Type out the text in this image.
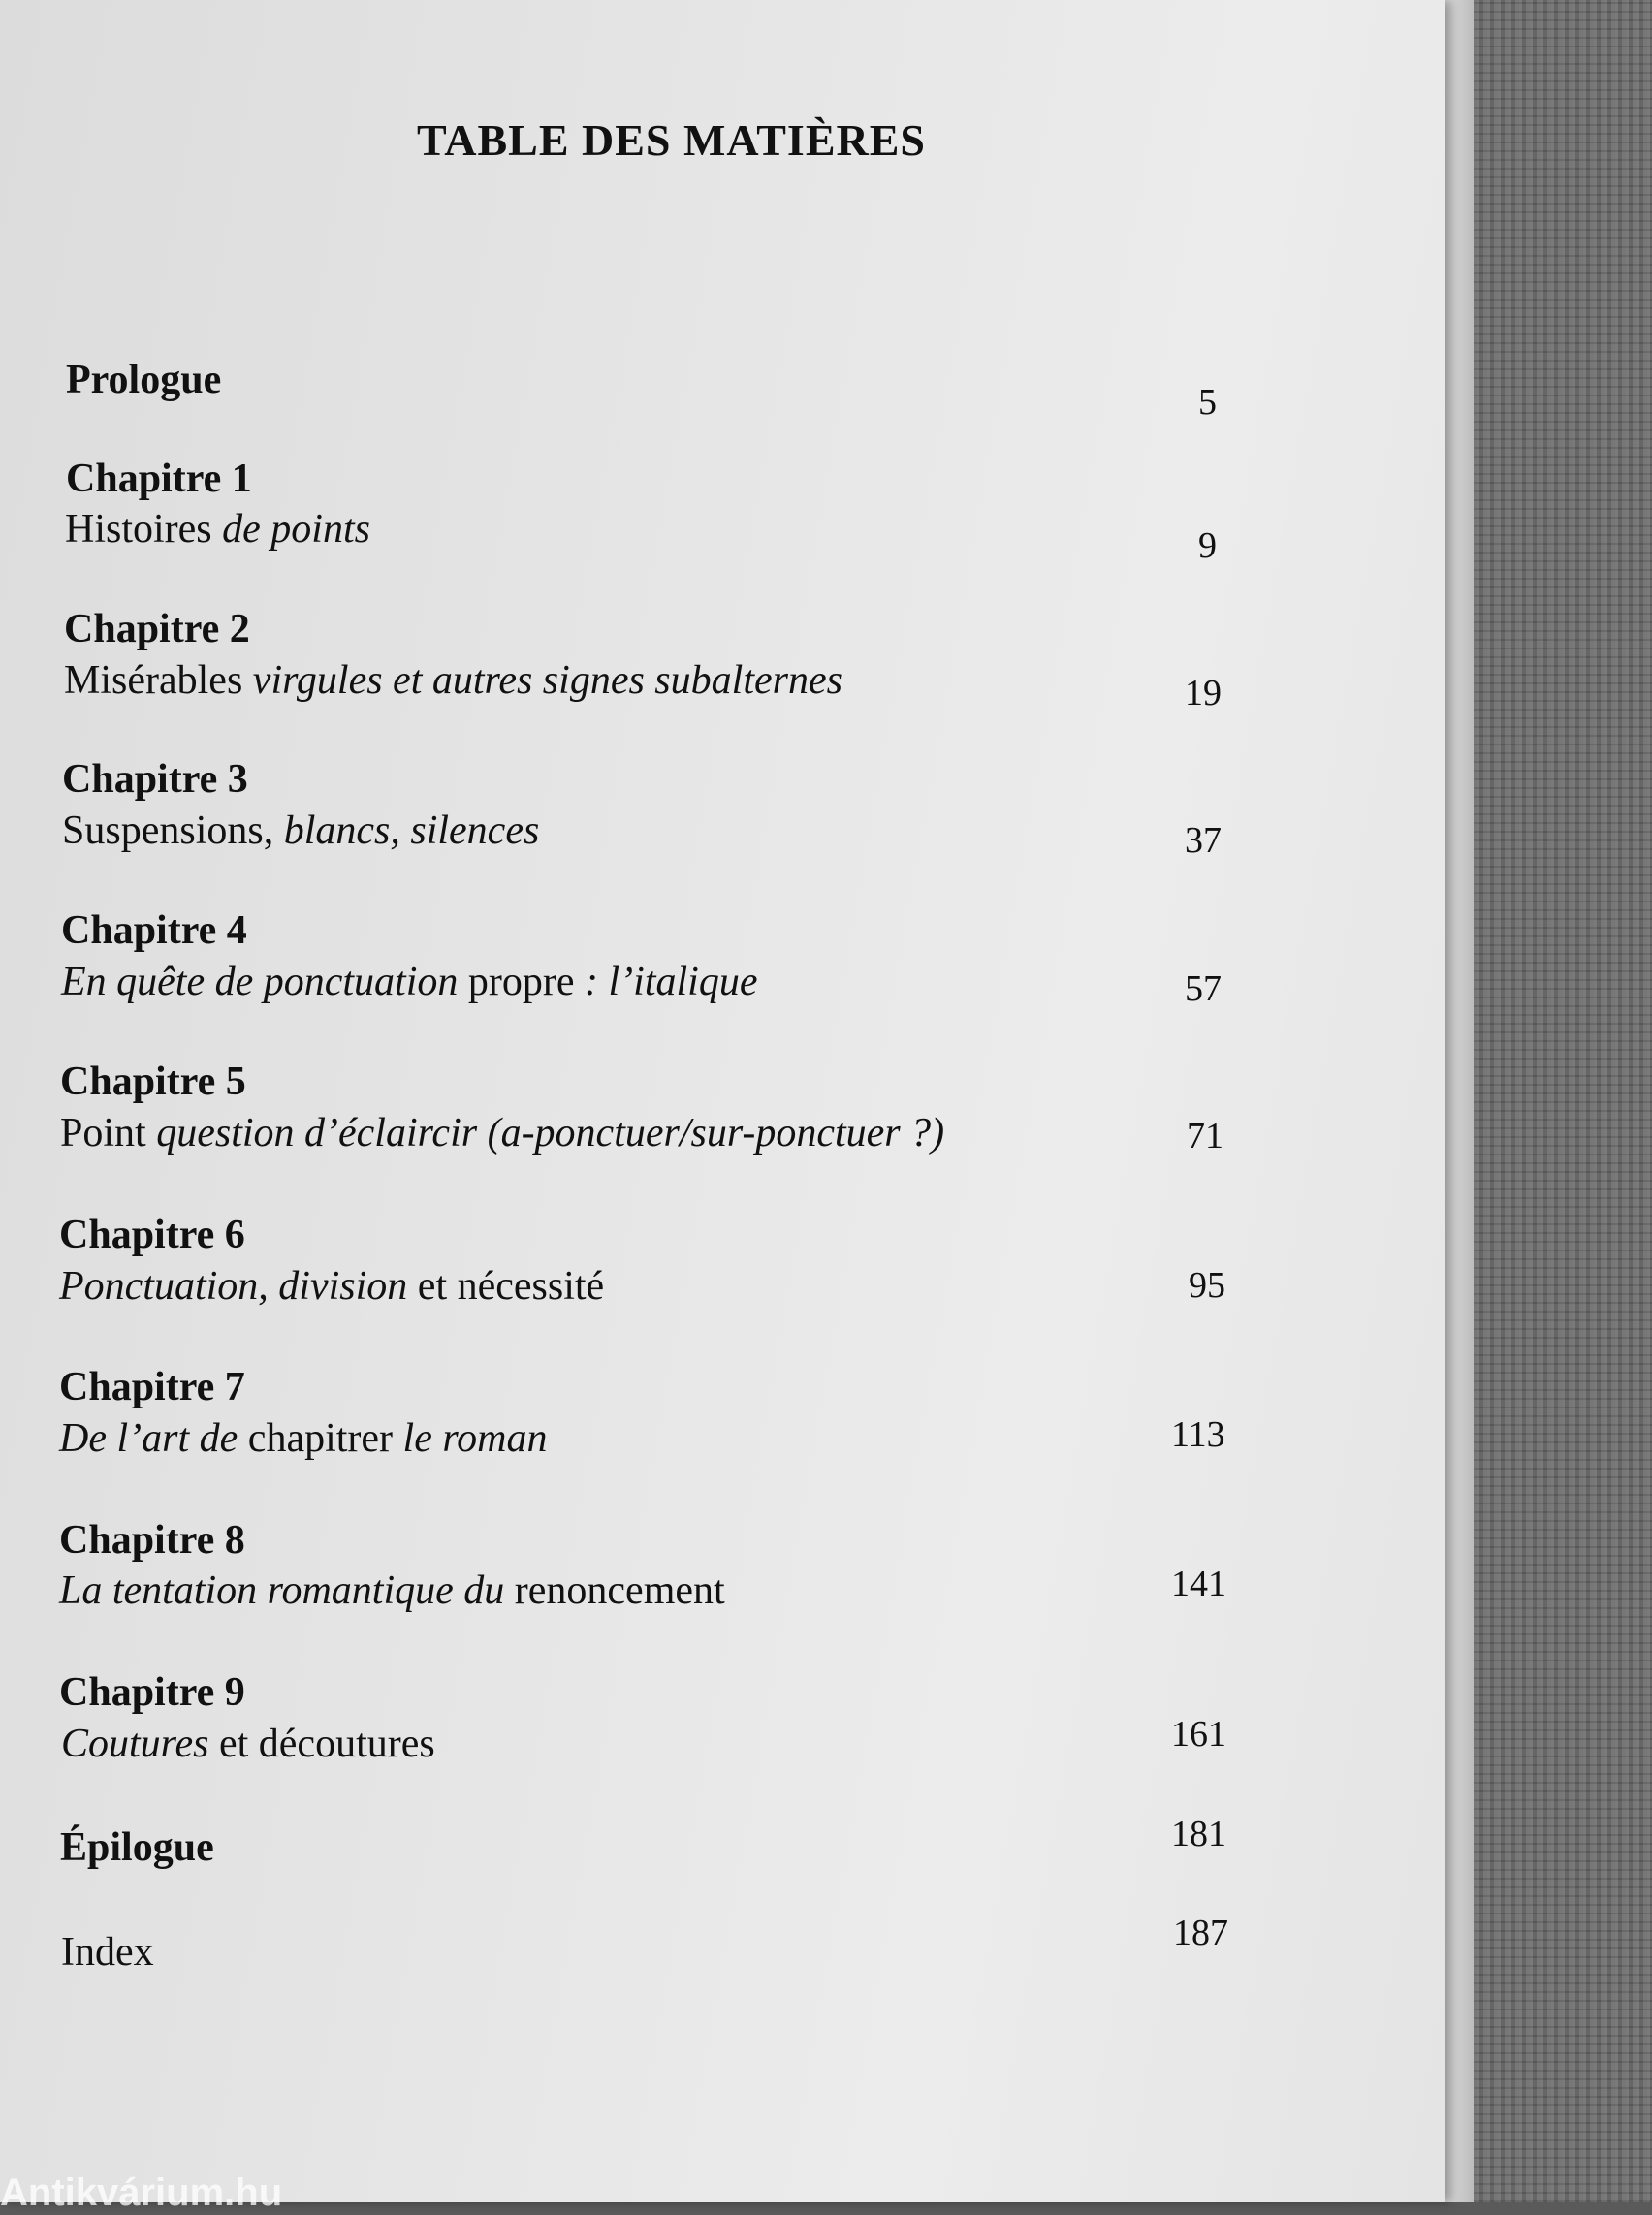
TABLE DES MATIÈRES
Prologue	5
Chapitre 1
Histoires de points	9
Chapitre 2
Misérables virgules et autres signes subalternes	19
Chapitre 3
Suspensions, blancs, silences	37
Chapitre 4
En quête de ponctuation propre : l’italique	57
Chapitre 5
Point question d’éclaircir (a-ponctuer/sur-ponctuer ?)	71
Chapitre 6
Ponctuation, division et nécessité	95
Chapitre 7
De l’art de chapitrer le roman	113
Chapitre 8
La tentation romantique du renoncement	141
Chapitre 9
Coutures et découtures	161
Épilogue	181
Index	187
Antikvárium.hu
